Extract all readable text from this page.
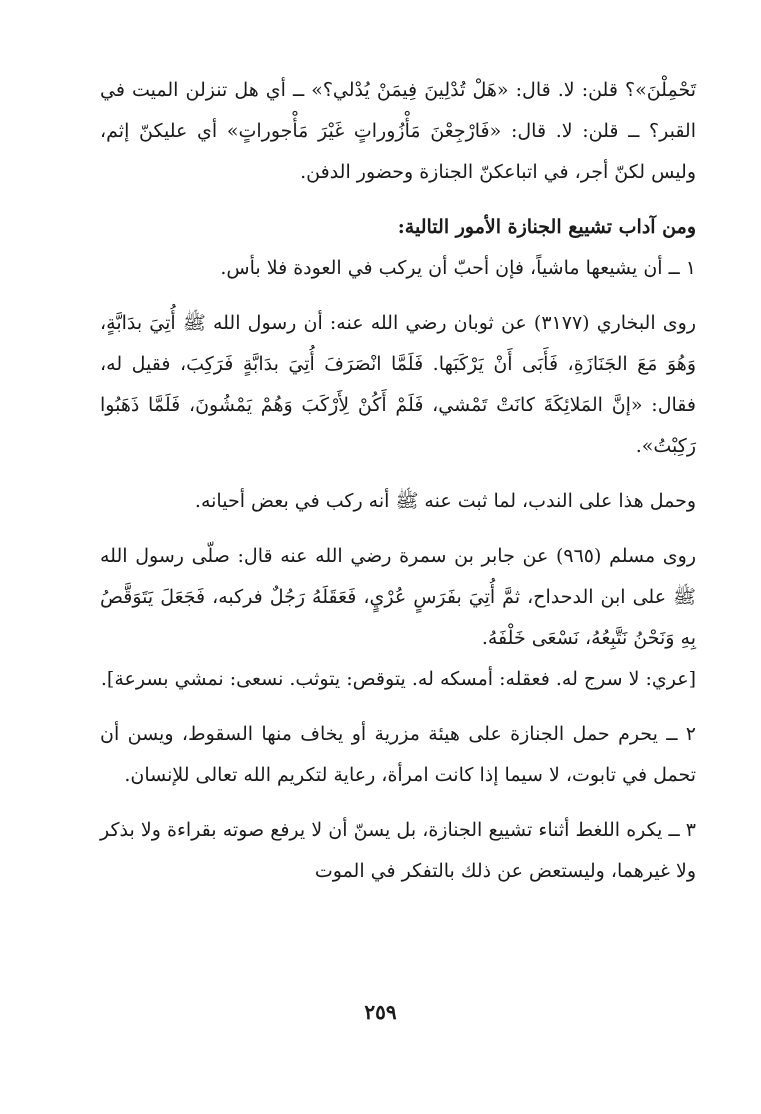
تَحْمِلْنَ»؟ قلن: لا. قال: «هَلْ تُدْلِينَ فِيمَنْ يُدْلي؟» ــ أي هل تنزلن الميت في القبر؟ ــ قلن: لا. قال: «فَارْجِعْنَ مَأْزُوراتٍ غَيْرَ مَأْجوراتٍ» أي عليكنّ إثم، وليس لكنّ أجر، في اتباعكنّ الجنازة وحضور الدفن.

ومن آداب تشييع الجنازة الأمور التالية:

١ ــ أن يشيعها ماشياً، فإن أحبّ أن يركب في العودة فلا بأس.

روى البخاري (٣١٧٧) عن ثوبان رضي الله عنه: أن رسول الله ﷺ أُتِيَ بدَابَّةٍ، وَهُوَ مَعَ الجَنَازَةِ، فَأَبَى أَنْ يَرْكَبَها. فَلَمَّا انْصَرَفَ أُتِيَ بدَابَّةٍ فَرَكِبَ، فقيل له، فقال: «إنَّ المَلائِكَةَ كانَتْ تَمْشي، فَلَمْ أَكُنْ لِأَرْكَبَ وَهُمْ يَمْشُونَ، فَلَمَّا ذَهَبُوا رَكِبْتُ».

وحمل هذا على الندب، لما ثبت عنه ﷺ أنه ركب في بعض أحيانه.

روى مسلم (٩٦٥) عن جابر بن سمرة رضي الله عنه قال: صلّى رسول الله ﷺ على ابن الدحداح، ثمَّ أُتِيَ بفَرَسٍ عُرْيٍ، فَعَقَلَهُ رَجُلٌ فركبه، فَجَعَلَ يَتَوَقَّصُ بِهِ وَنَحْنُ نَتَّبِعُهُ، نَسْعَى خَلْفَهُ.

[عري: لا سرج له. فعقله: أمسكه له. يتوقص: يتوثب. نسعى: نمشي بسرعة].

٢ ــ يحرم حمل الجنازة على هيئة مزرية أو يخاف منها السقوط، ويسن أن تحمل في تابوت، لا سيما إذا كانت امرأة، رعاية لتكريم الله تعالى للإنسان.

٣ ــ يكره اللغط أثناء تشييع الجنازة، بل يسنّ أن لا يرفع صوته بقراءة ولا بذكر ولا غيرهما، وليستعض عن ذلك بالتفكر في الموت

٢٥٩
